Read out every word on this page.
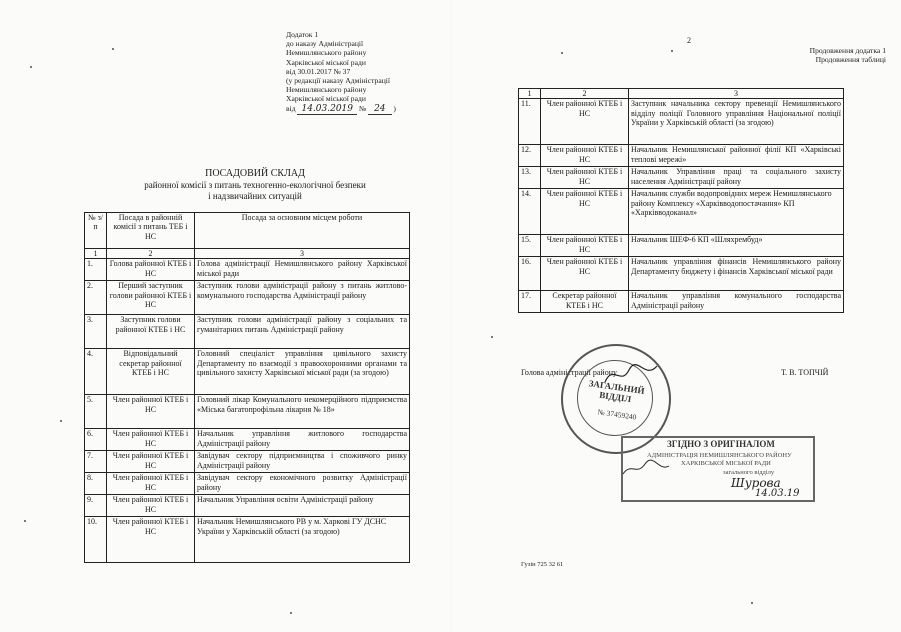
Додаток 1
до наказу Адміністрації
Немишлянського району
Харківської міської ради
від 30.01.2017 № 37
(у редакції наказу Адміністрації
Немишлянського району
Харківської міської ради
від 14.03.2019 № 24 )
ПОСАДОВИЙ СКЛАД
районної комісії з питань техногенно-екологічної безпеки
і надзвичайних ситуацій
№ з/п	Посада в районній комісії з питань ТЕБ і НС	Посада за основним місцем роботи
1	2	3
1.	Голова районної КТЕБ і НС	Голова адміністрації Немишлянського району Харківської міської ради
2.	Перший заступник голови районної КТЕБ і НС	Заступник голови адміністрації району з питань житлово-комунального господарства Адміністрації району
3.	Заступник голови районної КТЕБ і НС	Заступник голови адміністрації району з соціальних та гуманітарних питань Адміністрації району
4.	Відповідальний секретар районної КТЕБ і НС	Головний спеціаліст управління цивільного захисту Департаменту по взаємодії з правоохоронними органами та цивільного захисту Харківської міської ради (за згодою)
5.	Член районної КТЕБ і НС	Головний лікар Комунального некомерційного підприємства «Міська багатопрофільна лікарня № 18»
6.	Член районної КТЕБ і НС	Начальник управління житлового господарства Адміністрації району
7.	Член районної КТЕБ і НС	Завідувач сектору підприємництва і споживчого ринку Адміністрації району
8.	Член районної КТЕБ і НС	Завідувач сектору економічного розвитку Адміністрації району
9.	Член районної КТЕБ і НС	Начальник Управління освіти Адміністрації району
10.	Член районної КТЕБ і НС	Начальник Немишлянського РВ у м. Харкові ГУ ДСНС України у Харківській області (за згодою)
2
Продовження додатка 1
Продовження таблиці
1	2	3
11.	Член районної КТЕБ і НС	Заступник начальника сектору превенції Немишлянського відділу поліції Головного управління Національної поліції України у Харківській області (за згодою)
12.	Член районної КТЕБ і НС	Начальник Немишлянської районної філії КП «Харківські теплові мережі»
13.	Член районної КТЕБ і НС	Начальник Управління праці та соціального захисту населення Адміністрації району
14.	Член районної КТЕБ і НС	Начальник служби водопровідних мереж Немишлянського району Комплексу «Харківводопостачання» КП «Харківводоканал»
15.	Член районної КТЕБ і НС	Начальник ШЕФ-6 КП «Шляхрембуд»
16.	Член районної КТЕБ і НС	Начальник управління фінансів Немишлянського району Департаменту бюджету і фінансів Харківської міської ради
17.	Секретар районної КТЕБ і НС	Начальник управління комунального господарства Адміністрації району
Голова адміністрації району	Т. В. ТОПЧІЙ
ЗАГАЛЬНИЙ ВІДДІЛ
№ 37459240
ЗГІДНО З ОРИГІНАЛОМ
АДМІНІСТРАЦІЯ НЕМИШЛЯНСЬКОГО РАЙОНУ
ХАРКІВСЬКОЇ МІСЬКОЇ РАДИ
загального відділу
Шурова
14.03.19
Гузін 725 32 61
